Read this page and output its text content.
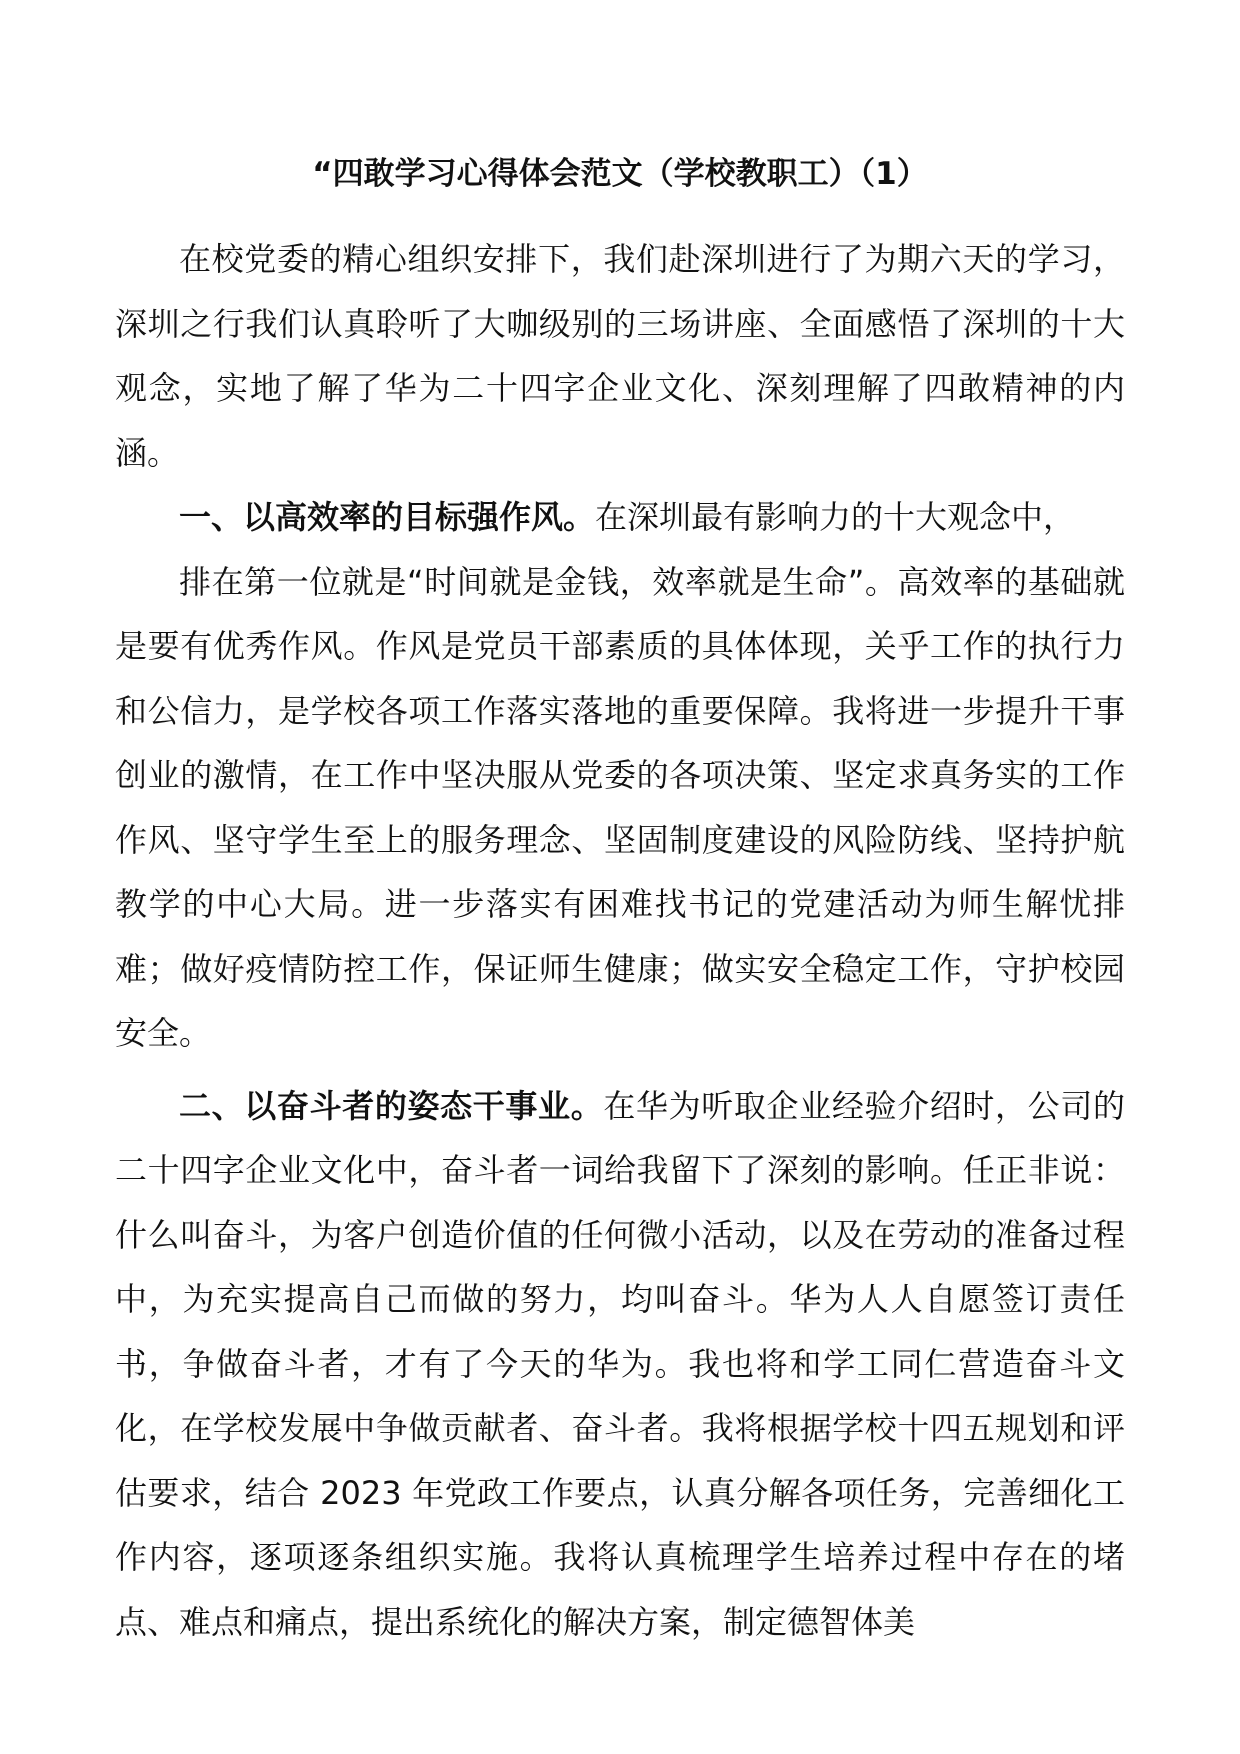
“四敢学习心得体会范文（学校教职工）（1）

在校党委的精心组织安排下，我们赴深圳进行了为期六天的学习，深圳之行我们认真聆听了大咖级别的三场讲座、全面感悟了深圳的十大观念，实地了解了华为二十四字企业文化、深刻理解了四敢精神的内涵。

一、以高效率的目标强作风。在深圳最有影响力的十大观念中，

排在第一位就是“时间就是金钱，效率就是生命”。高效率的基础就是要有优秀作风。作风是党员干部素质的具体体现，关乎工作的执行力和公信力，是学校各项工作落实落地的重要保障。我将进一步提升干事创业的激情，在工作中坚决服从党委的各项决策、坚定求真务实的工作作风、坚守学生至上的服务理念、坚固制度建设的风险防线、坚持护航教学的中心大局。进一步落实有困难找书记的党建活动为师生解忧排难；做好疫情防控工作，保证师生健康；做实安全稳定工作，守护校园安全。

二、以奋斗者的姿态干事业。在华为听取企业经验介绍时，公司的二十四字企业文化中，奋斗者一词给我留下了深刻的影响。任正非说：什么叫奋斗，为客户创造价值的任何微小活动，以及在劳动的准备过程中，为充实提高自己而做的努力，均叫奋斗。华为人人自愿签订责任书，争做奋斗者，才有了今天的华为。我也将和学工同仁营造奋斗文化，在学校发展中争做贡献者、奋斗者。我将根据学校十四五规划和评估要求，结合 2023 年党政工作要点，认真分解各项任务，完善细化工作内容，逐项逐条组织实施。我将认真梳理学生培养过程中存在的堵点、难点和痛点，提出系统化的解决方案，制定德智体美
